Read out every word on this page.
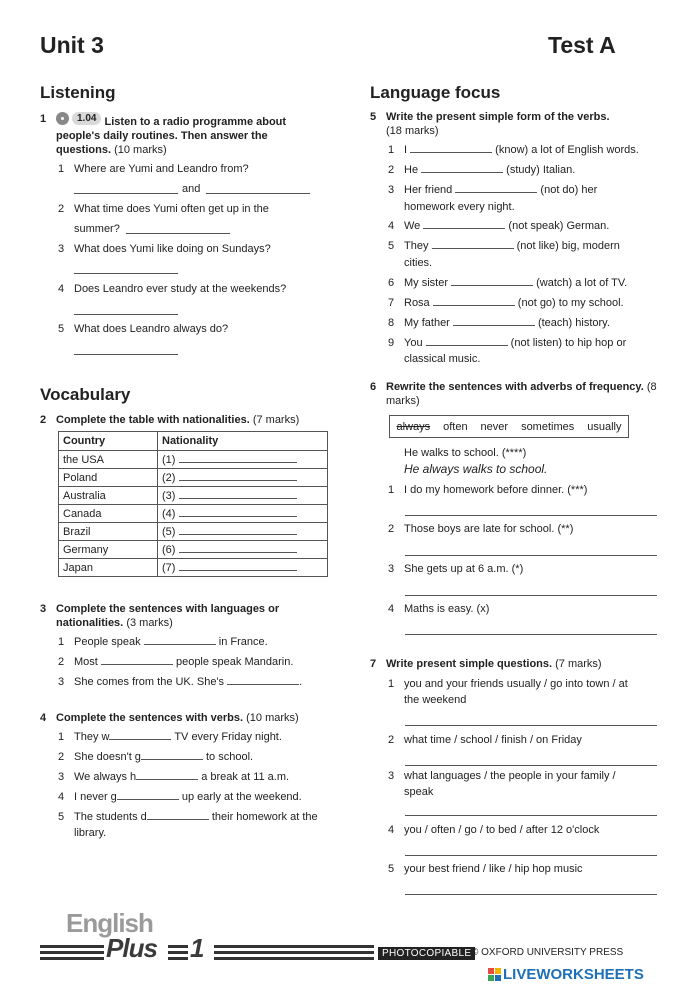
Unit 3	Test A
Listening
1	1.04 Listen to a radio programme about people's daily routines. Then answer the questions. (10 marks)
1 Where are Yumi and Leandro from?
and
2 What time does Yumi often get up in the
summer?
3 What does Yumi like doing on Sundays?
4 Does Leandro ever study at the weekends?
5 What does Leandro always do?
Vocabulary
2 Complete the table with nationalities. (7 marks)
Country	Nationality
the USA	(1)
Poland	(2)
Australia	(3)
Canada	(4)
Brazil	(5)
Germany	(6)
Japan	(7)
3 Complete the sentences with languages or nationalities. (3 marks)
1 People speak	in France.
2 Most	people speak Mandarin.
3 She comes from the UK. She's	.
4 Complete the sentences with verbs. (10 marks)
1 They w	TV every Friday night.
2 She doesn't g	to school.
3 We always h	a break at 11 a.m.
4 I never g	up early at the weekend.
5 The students d	their homework at the
library.
Language focus
5 Write the present simple form of the verbs.
(18 marks)
1 I	(know) a lot of English words.
2 He	(study) Italian.
3 Her friend	(not do) her
homework every night.
4 We	(not speak) German.
5 They	(not like) big, modern
cities.
6 My sister	(watch) a lot of TV.
7 Rosa	(not go) to my school.
8 My father	(teach) history.
9 You	(not listen) to hip hop or
classical music.
6 Rewrite the sentences with adverbs of frequency. (8 marks)
always often never sometimes usually
He walks to school. (****)
He always walks to school.
1 I do my homework before dinner. (***)
2 Those boys are late for school. (**)
3 She gets up at 6 a.m. (*)
4 Maths is easy. (x)
7 Write present simple questions. (7 marks)
1 you and your friends usually / go into town / at
the weekend
2 what time / school / finish / on Friday
3 what languages / the people in your family /
speak
4 you / often / go / to bed / after 12 o'clock
5 your best friend / like / hip hop music
English
Plus 1	PHOTOCOPIABLE © OXFORD UNIVERSITY PRESS
LIVEWORKSHEETS
